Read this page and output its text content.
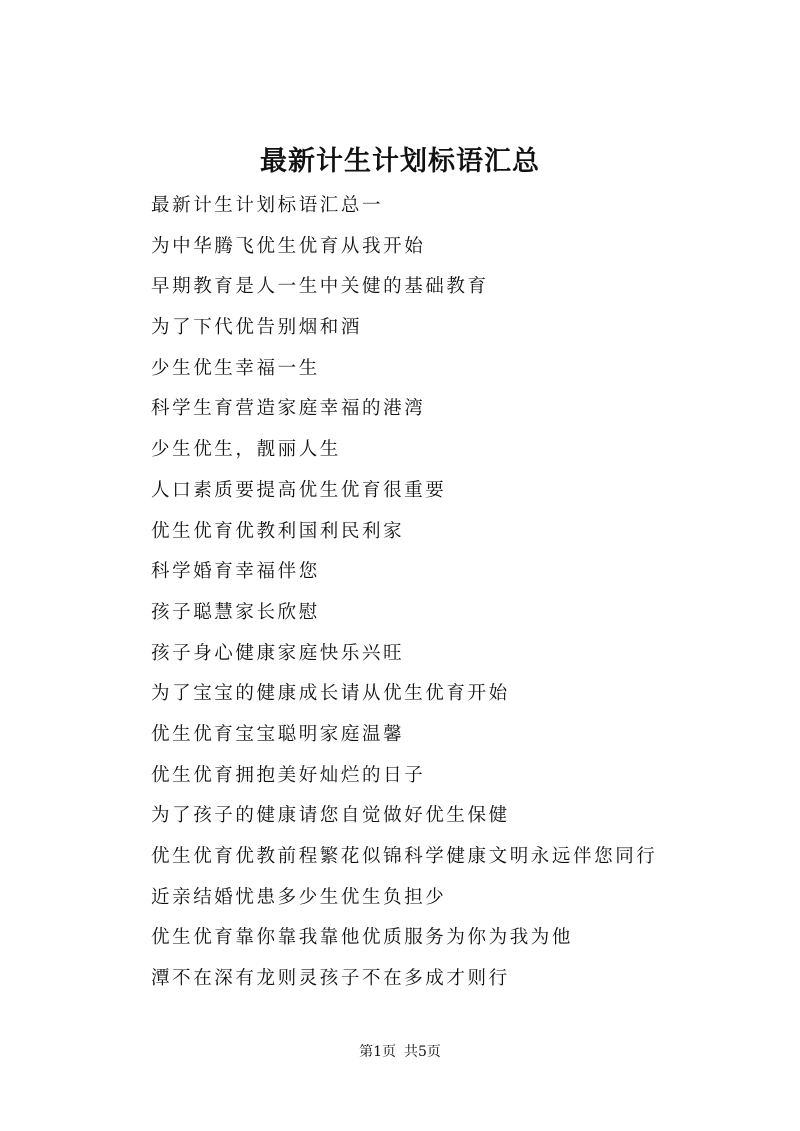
最新计生计划标语汇总
最新计生计划标语汇总一
为中华腾飞优生优育从我开始
早期教育是人一生中关健的基础教育
为了下代优告别烟和酒
少生优生幸福一生
科学生育营造家庭幸福的港湾
少生优生，靓丽人生
人口素质要提高优生优育很重要
优生优育优教利国利民利家
科学婚育幸福伴您
孩子聪慧家长欣慰
孩子身心健康家庭快乐兴旺
为了宝宝的健康成长请从优生优育开始
优生优育宝宝聪明家庭温馨
优生优育拥抱美好灿烂的日子
为了孩子的健康请您自觉做好优生保健
优生优育优教前程繁花似锦科学健康文明永远伴您同行
近亲结婚忧患多少生优生负担少
优生优育靠你靠我靠他优质服务为你为我为他
潭不在深有龙则灵孩子不在多成才则行
第1页 共5页
